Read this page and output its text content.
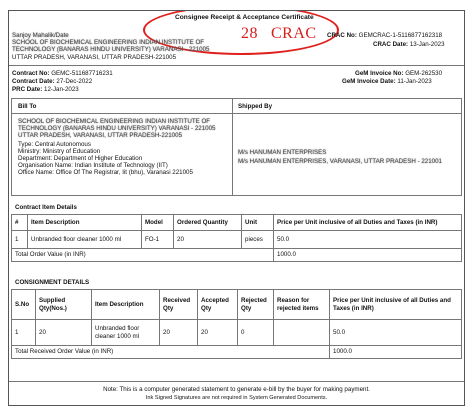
Consignee Receipt & Acceptance Certificate
28 CRAC
Sanjoy Mahalik/Date
SCHOOL OF BIOCHEMICAL ENGINEERING INDIAN INSTITUTE OF
TECHNOLOGY (BANARAS HINDU UNIVERSITY) VARANASI - 221005
UTTAR PRADESH, VARANASI, UTTAR PRADESH-221005
CRAC No: GEMCRAC-1-5116877162318
CRAC Date: 13-Jan-2023
Contract No: GEMC-511687716231
Contract Date: 27-Dec-2022
PRC Date: 12-Jan-2023
GeM Invoice No: GEM-262530
GeM Invoice Date: 11-Jan-2023
Bill To	Shipped By
SCHOOL OF BIOCHEMICAL ENGINEERING INDIAN INSTITUTE OF
TECHNOLOGY (BANARAS HINDU UNIVERSITY) VARANASI - 221005
UTTAR PRADESH, VARANASI, UTTAR PRADESH-221005
Type: Central Autonomous
Ministry: Ministry of Education
Department: Department of Higher Education
Organisation Name: Indian Institute of Technology (IIT)
Office Name: Office Of The Registrar, Iit (bhu), Varanasi 221005
M/s HANUMAN ENTERPRISES
M/s HANUMAN ENTERPRISES, VARANASI, UTTAR PRADESH - 221001
Contract Item Details
#	Item Description	Model	Ordered Quantity	Unit	Price per Unit inclusive of all Duties and Taxes (in INR)
1	Unbranded floor cleaner 1000 ml	FO-1	20	pieces	50.0
Total Order Value (in INR)					1000.0
CONSIGNMENT DETAILS
S.No	Supplied Qty(Nos.)	Item Description	Received Qty	Accepted Qty	Rejected Qty	Reason for rejected items	Price per Unit inclusive of all Duties and Taxes (in INR)
1	20	Unbranded floor cleaner 1000 ml	20	20	0		50.0
Total Received Order Value (in INR)							1000.0
Note: This is a computer generated statement to generate e-bill by the buyer for making payment.
Ink Signed Signatures are not required in System Generated Documents.
